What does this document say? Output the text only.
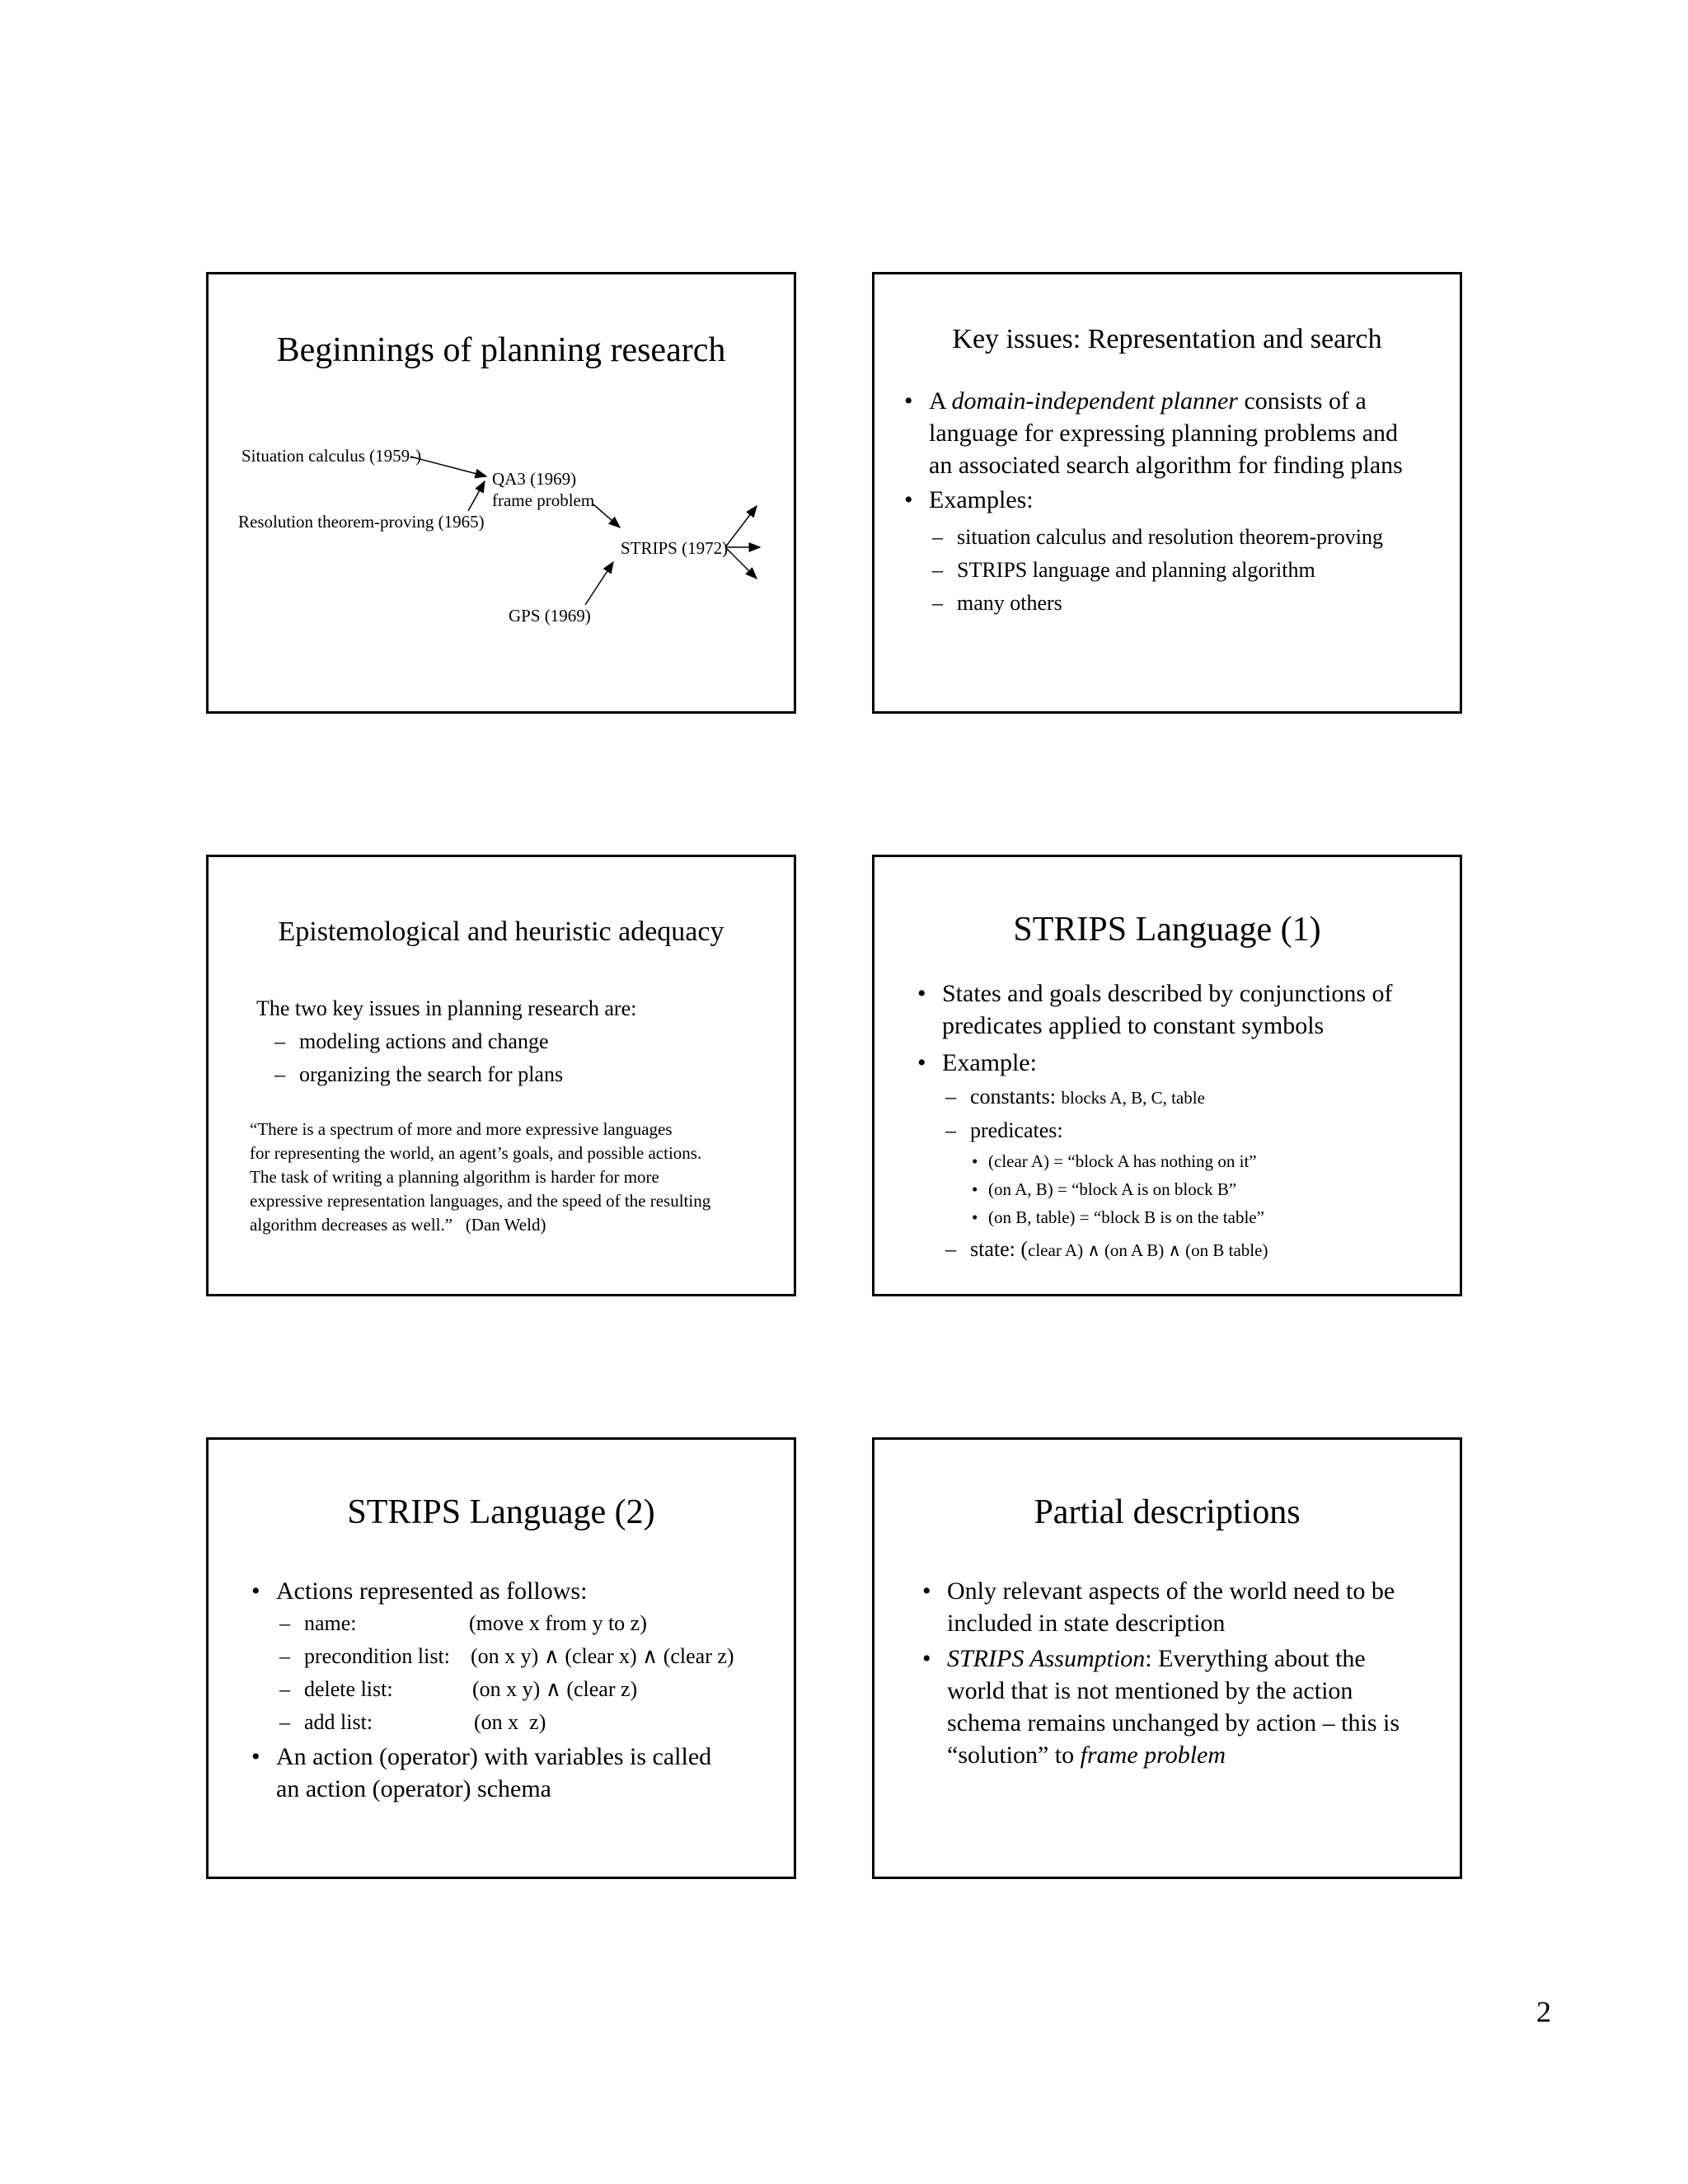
Beginnings of planning research
Situation calculus (1959-)
Resolution theorem-proving (1965)
QA3 (1969)
frame problem
STRIPS (1972)
GPS (1969)
Key issues: Representation and search
• A domain-independent planner consists of a
language for expressing planning problems and
an associated search algorithm for finding plans
• Examples:
– situation calculus and resolution theorem-proving
– STRIPS language and planning algorithm
– many others
Epistemological and heuristic adequacy
The two key issues in planning research are:
– modeling actions and change
– organizing the search for plans
“There is a spectrum of more and more expressive languages
for representing the world, an agent’s goals, and possible actions.
The task of writing a planning algorithm is harder for more
expressive representation languages, and the speed of the resulting
algorithm decreases as well.”   (Dan Weld)
STRIPS Language (1)
• States and goals described by conjunctions of
predicates applied to constant symbols
• Example:
– constants: blocks A, B, C, table
– predicates:
• (clear A) = “block A has nothing on it”
• (on A, B) = “block A is on block B”
• (on B, table) = “block B is on the table”
– state: (clear A) ∧ (on A B) ∧ (on B table)
STRIPS Language (2)
• Actions represented as follows:
– name:	(move x from y to z)
– precondition list: (on x y) ∧ (clear x) ∧ (clear z)
– delete list:	(on x y) ∧ (clear z)
– add list:	(on x  z)
• An action (operator) with variables is called
an action (operator) schema
Partial descriptions
• Only relevant aspects of the world need to be
included in state description
• STRIPS Assumption: Everything about the
world that is not mentioned by the action
schema remains unchanged by action – this is
“solution” to frame problem
2
